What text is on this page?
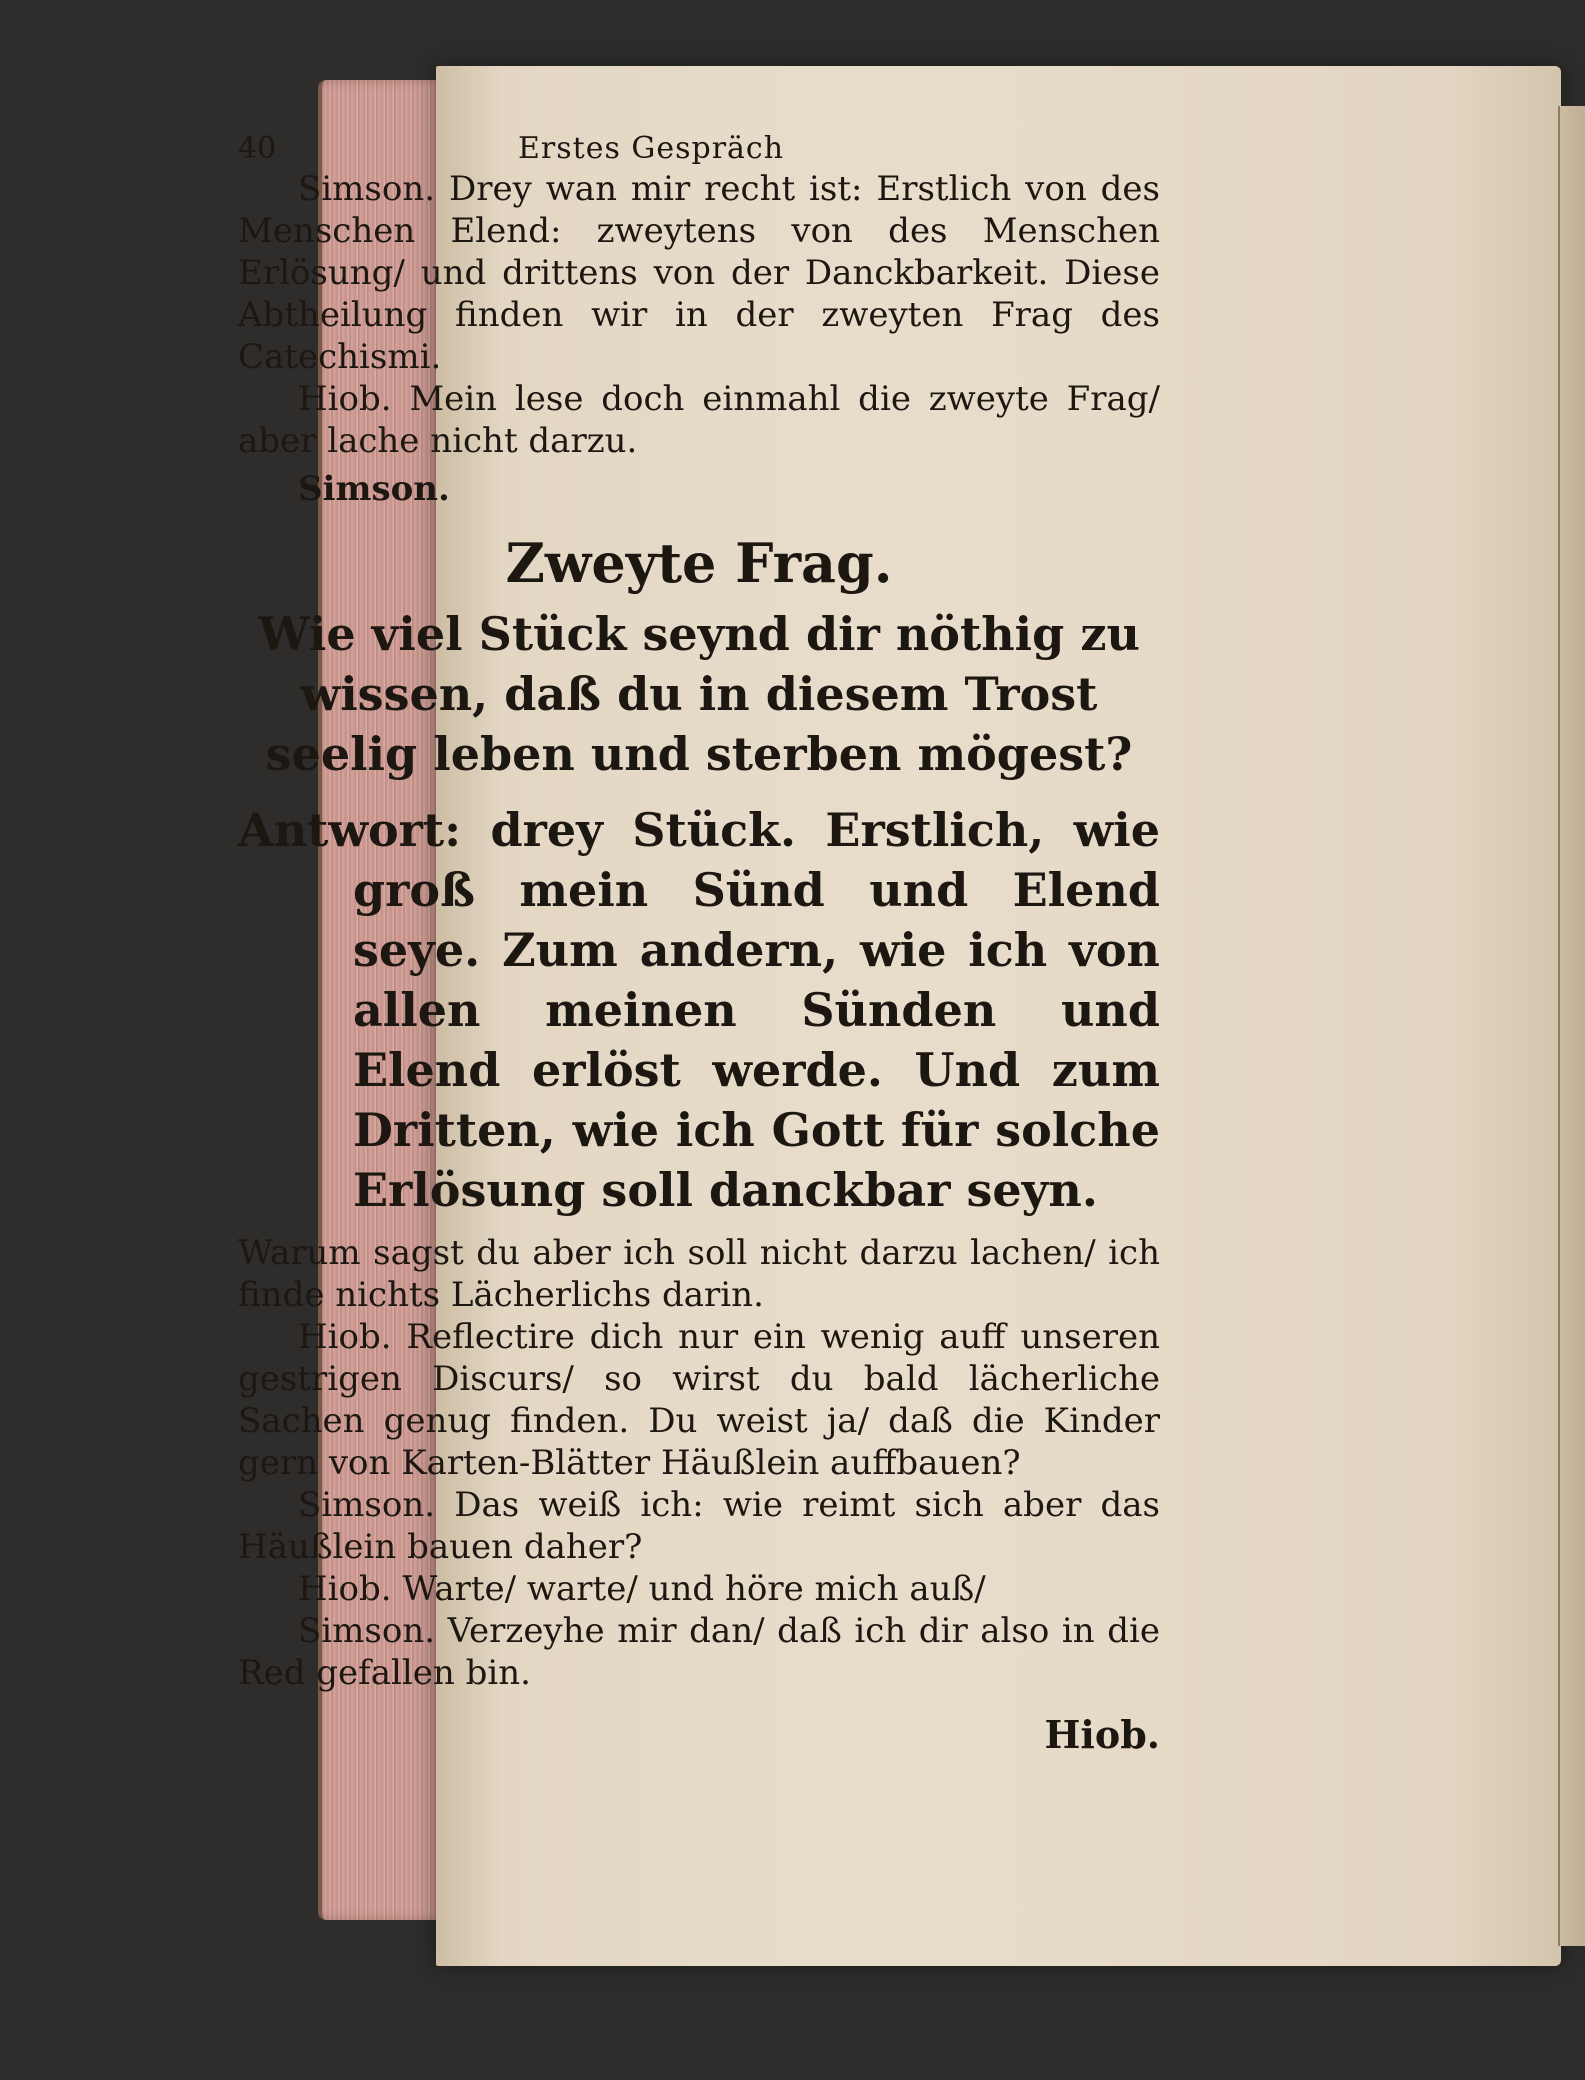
40	Erstes Gespräch

Simson. Drey wan mir recht ist: Erstlich von des Menschen Elend: zweytens von des Menschen Erlösung/ und drittens von der Danckbarkeit. Diese Abtheilung finden wir in der zweyten Frag des Catechismi.

Hiob. Mein lese doch einmahl die zweyte Frag/ aber lache nicht darzu.

Simson.
Zweyte Frag.

Wie viel Stück seynd dir nöthig zu wissen, daß du in diesem Trost seelig leben und sterben mögest?

Antwort: drey Stück. Erstlich, wie groß mein Sünd und Elend seye. Zum andern, wie ich von allen meinen Sünden und Elend erlöst werde. Und zum Dritten, wie ich Gott für solche Erlösung soll danckbar seyn.

Warum sagst du aber ich soll nicht darzu lachen/ ich finde nichts Lächerlichs darin.

Hiob. Reflectire dich nur ein wenig auff unseren gestrigen Discurs/ so wirst du bald lächerliche Sachen genug finden. Du weist ja/ daß die Kinder gern von Karten-Blätter Häußlein auffbauen?

Simson. Das weiß ich: wie reimt sich aber das Häußlein bauen daher?

Hiob. Warte/ warte/ und höre mich auß/

Simson. Verzeyhe mir dan/ daß ich dir also in die Red gefallen bin.

Hiob.
